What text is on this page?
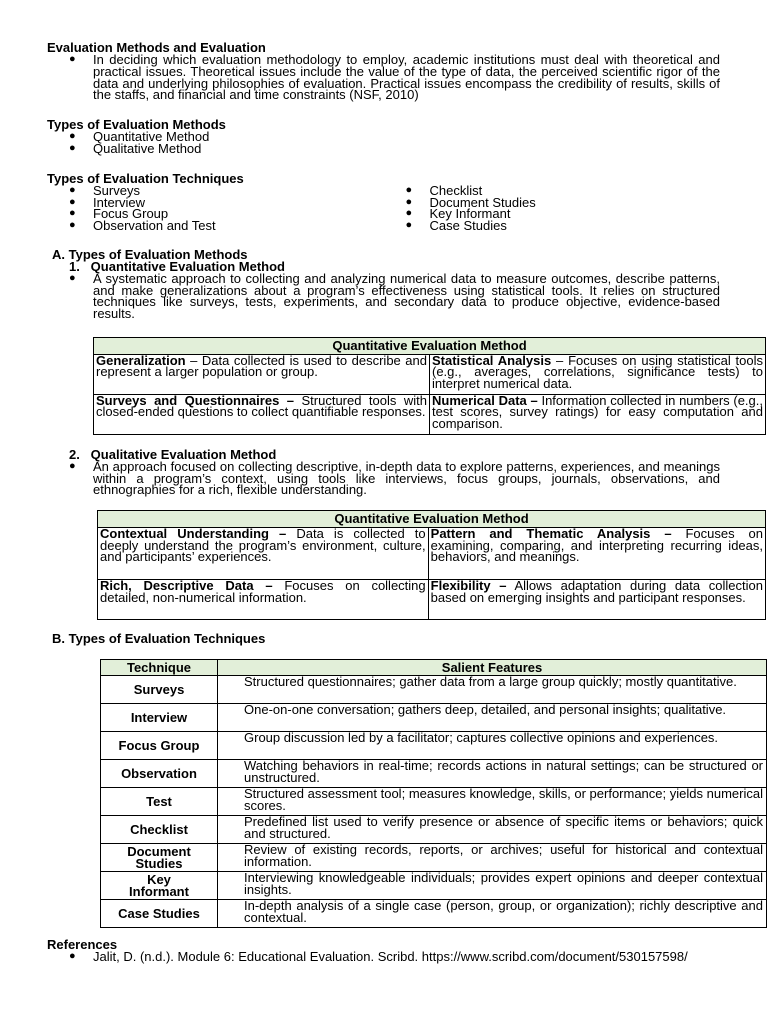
Evaluation Methods and Evaluation
● In deciding which evaluation methodology to employ, academic institutions must deal with theoretical and practical issues. Theoretical issues include the value of the type of data, the perceived scientific rigor of the data and underlying philosophies of evaluation. Practical issues encompass the credibility of results, skills of the staffs, and financial and time constraints (NSF, 2010)
Types of Evaluation Methods
● Quantitative Method
● Qualitative Method
Types of Evaluation Techniques
● Surveys
● Interview
● Focus Group
● Observation and Test
● Checklist
● Document Studies
● Key Informant
● Case Studies
A. Types of Evaluation Methods
1.   Quantitative Evaluation Method
● A systematic approach to collecting and analyzing numerical data to measure outcomes, describe patterns, and make generalizations about a program’s effectiveness using statistical tools. It relies on structured techniques like surveys, tests, experiments, and secondary data to produce objective, evidence-based results.
Quantitative Evaluation Method	
Generalization – Data collected is used to describe and represent a larger population or group.	Statistical Analysis – Focuses on using statistical tools (e.g., averages, correlations, significance tests) to interpret numerical data.
Surveys and Questionnaires – Structured tools with closed-ended questions to collect quantifiable responses.	Numerical Data – Information collected in numbers (e.g., test scores, survey ratings) for easy computation and comparison.
2.   Qualitative Evaluation Method
● An approach focused on collecting descriptive, in-depth data to explore patterns, experiences, and meanings within a program’s context, using tools like interviews, focus groups, journals, observations, and ethnographies for a rich, flexible understanding.
Quantitative Evaluation Method	
Contextual Understanding – Data is collected to deeply understand the program’s environment, culture, and participants’ experiences.	Pattern and Thematic Analysis – Focuses on examining, comparing, and interpreting recurring ideas, behaviors, and meanings.
Rich, Descriptive Data – Focuses on collecting detailed, non-numerical information.	Flexibility – Allows adaptation during data collection based on emerging insights and participant responses.
B. Types of Evaluation Techniques
Technique	Salient Features
Surveys	Structured questionnaires; gather data from a large group quickly; mostly quantitative.
Interview	One-on-one conversation; gathers deep, detailed, and personal insights; qualitative.
Focus Group	Group discussion led by a facilitator; captures collective opinions and experiences.
Observation	Watching behaviors in real-time; records actions in natural settings; can be structured or unstructured.
Test	Structured assessment tool; measures knowledge, skills, or performance; yields numerical scores.
Checklist	Predefined list used to verify presence or absence of specific items or behaviors; quick and structured.
Document Studies	Review of existing records, reports, or archives; useful for historical and contextual information.
Key Informant	Interviewing knowledgeable individuals; provides expert opinions and deeper contextual insights.
Case Studies	In-depth analysis of a single case (person, group, or organization); richly descriptive and contextual.
References
● Jalit, D. (n.d.). Module 6: Educational Evaluation. Scribd. https://www.scribd.com/document/530157598/
